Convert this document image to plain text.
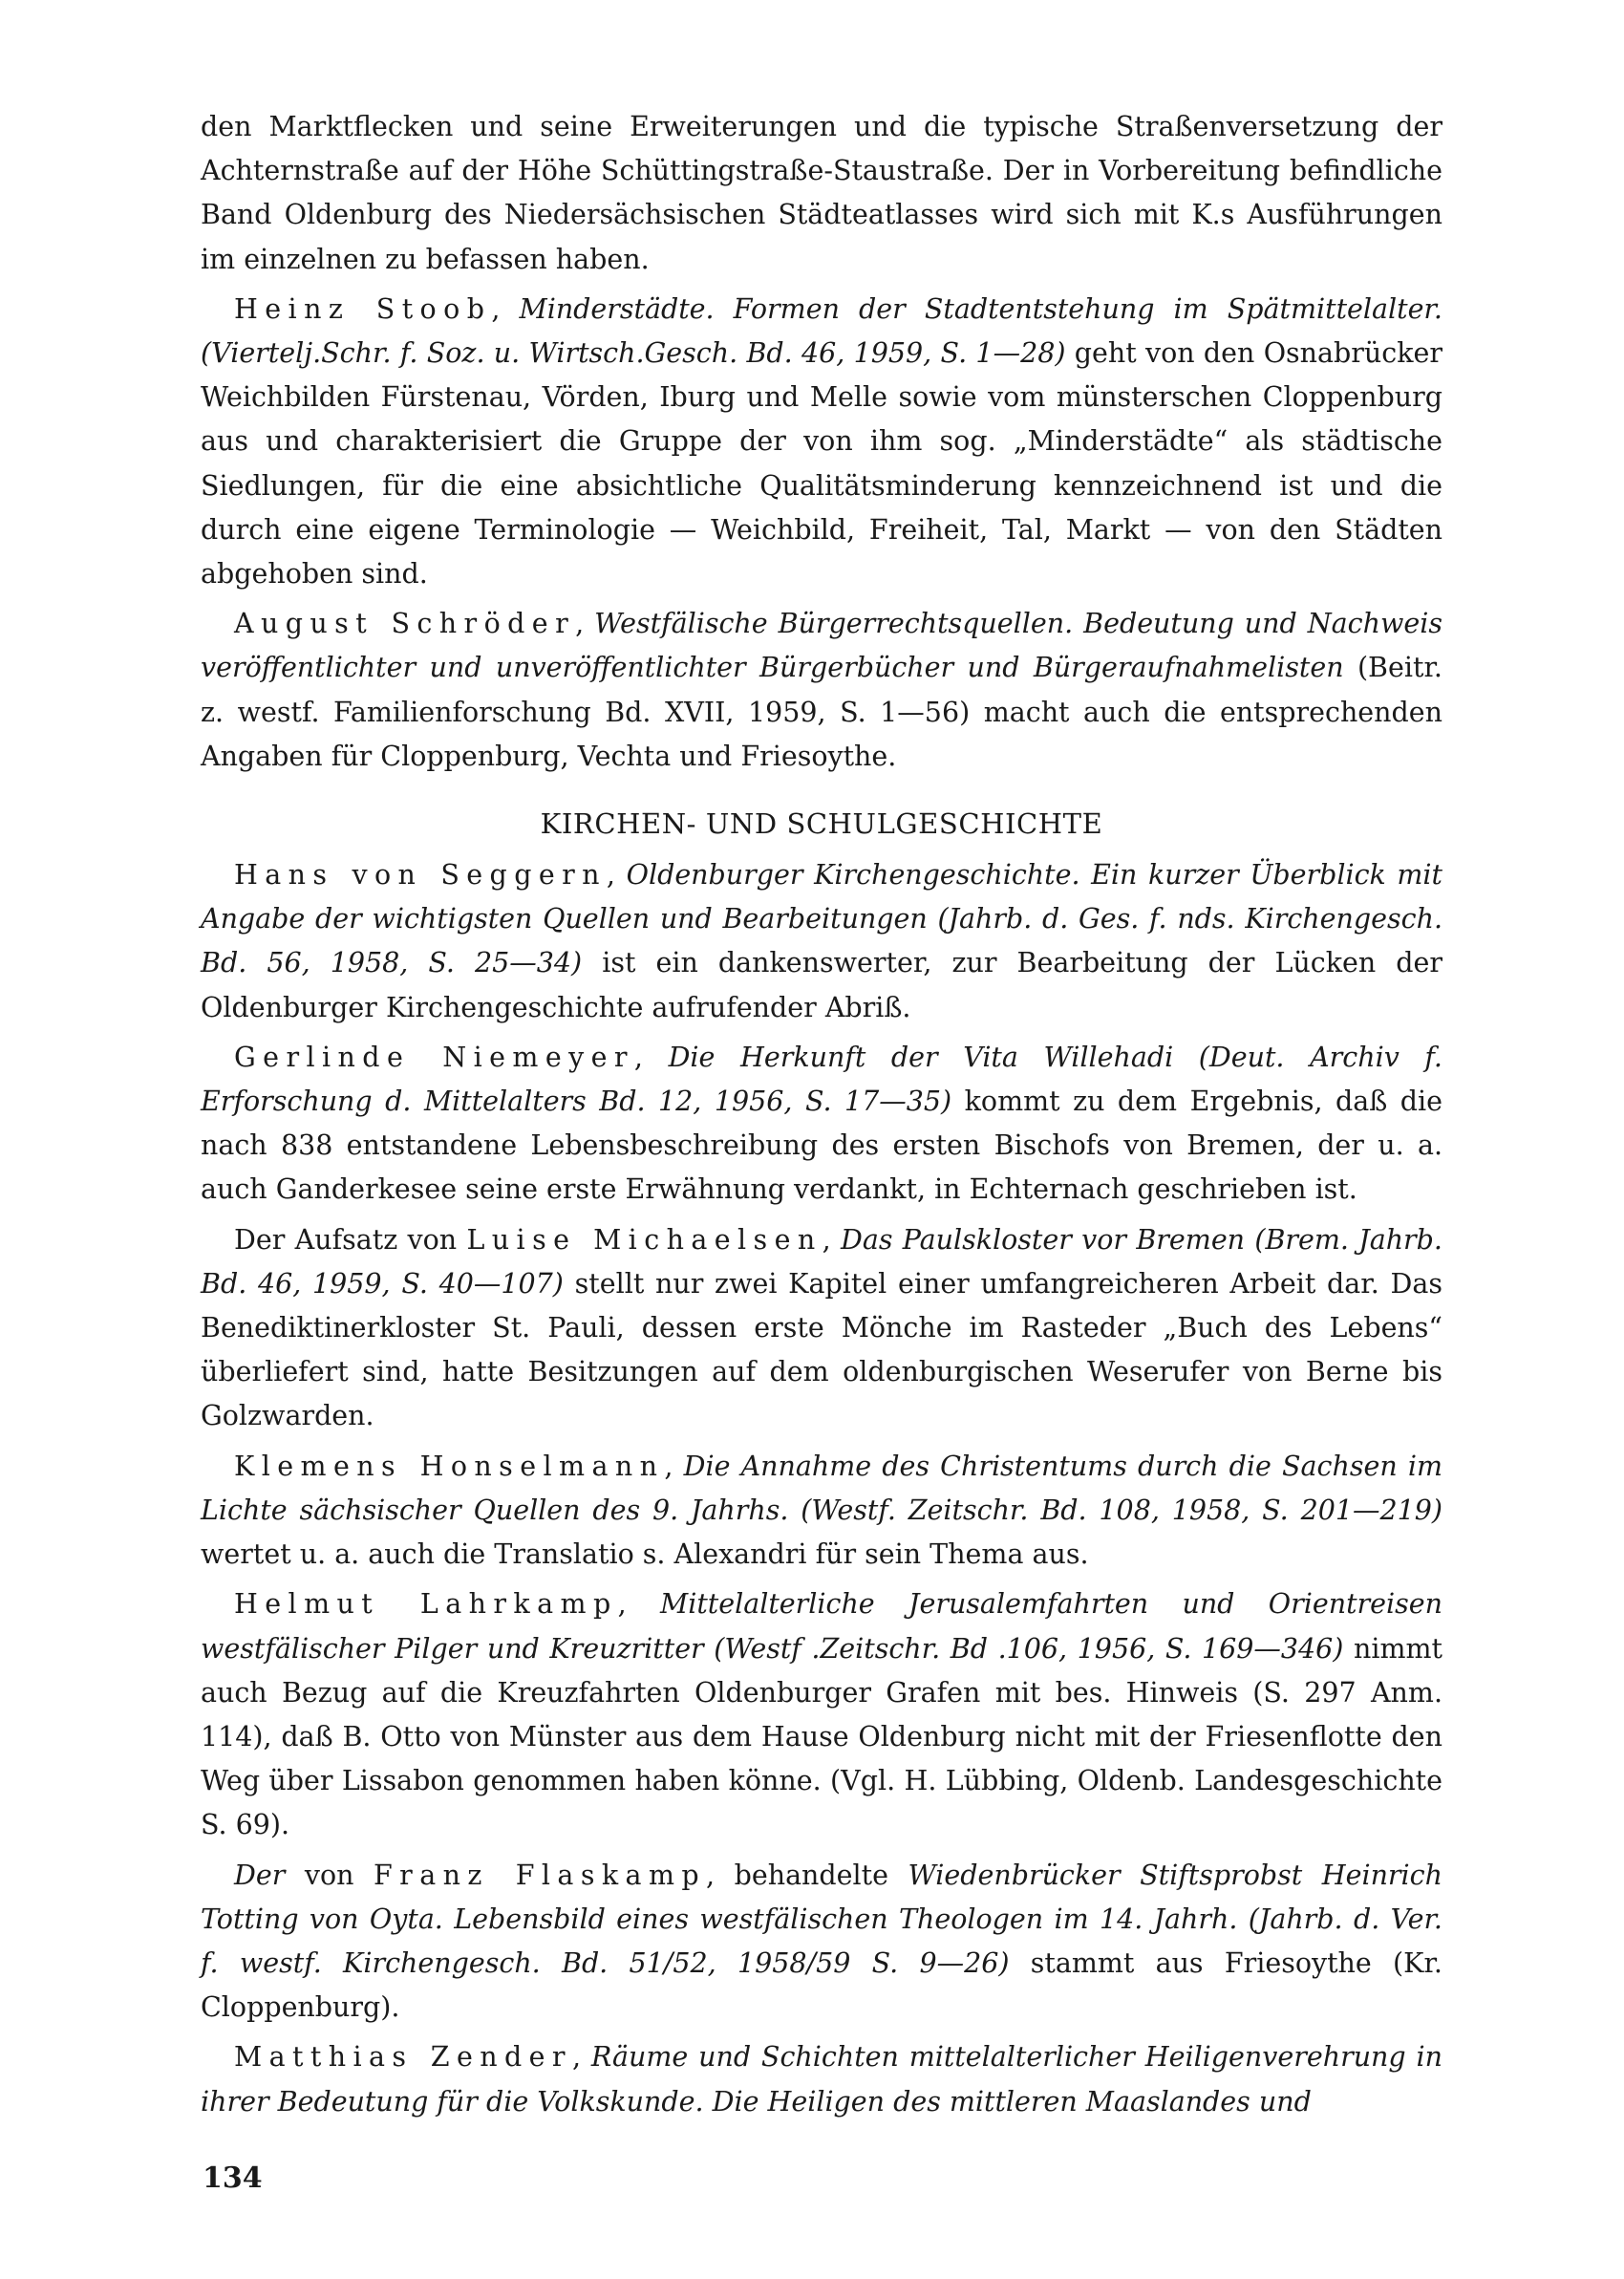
den Marktflecken und seine Erweiterungen und die typische Straßenversetzung der Achternstraße auf der Höhe Schüttingstraße-Staustraße. Der in Vorbereitung befindliche Band Oldenburg des Niedersächsischen Städteatlasses wird sich mit K.s Ausführungen im einzelnen zu befassen haben.

Heinz Stoob, Minderstädte. Formen der Stadtentstehung im Spätmittelalter. (Viertelj.Schr. f. Soz. u. Wirtsch.Gesch. Bd. 46, 1959, S. 1—28) geht von den Osnabrücker Weichbilden Fürstenau, Vörden, Iburg und Melle sowie vom münsterschen Cloppenburg aus und charakterisiert die Gruppe der von ihm sog. „Minderstädte“ als städtische Siedlungen, für die eine absichtliche Qualitätsminderung kennzeichnend ist und die durch eine eigene Terminologie — Weichbild, Freiheit, Tal, Markt — von den Städten abgehoben sind.

August Schröder, Westfälische Bürgerrechtsquellen. Bedeutung und Nachweis veröffentlichter und unveröffentlichter Bürgerbücher und Bürgeraufnahmelisten (Beitr. z. westf. Familienforschung Bd. XVII, 1959, S. 1—56) macht auch die entsprechenden Angaben für Cloppenburg, Vechta und Friesoythe.

KIRCHEN- UND SCHULGESCHICHTE

Hans von Seggern, Oldenburger Kirchengeschichte. Ein kurzer Überblick mit Angabe der wichtigsten Quellen und Bearbeitungen (Jahrb. d. Ges. f. nds. Kirchengesch. Bd. 56, 1958, S. 25—34) ist ein dankenswerter, zur Bearbeitung der Lücken der Oldenburger Kirchengeschichte aufrufender Abriß.

Gerlinde Niemeyer, Die Herkunft der Vita Willehadi (Deut. Archiv f. Erforschung d. Mittelalters Bd. 12, 1956, S. 17—35) kommt zu dem Ergebnis, daß die nach 838 entstandene Lebensbeschreibung des ersten Bischofs von Bremen, der u. a. auch Ganderkesee seine erste Erwähnung verdankt, in Echternach geschrieben ist.

Der Aufsatz von Luise Michaelsen, Das Paulskloster vor Bremen (Brem. Jahrb. Bd. 46, 1959, S. 40—107) stellt nur zwei Kapitel einer umfangreicheren Arbeit dar. Das Benediktinerkloster St. Pauli, dessen erste Mönche im Rasteder „Buch des Lebens“ überliefert sind, hatte Besitzungen auf dem oldenburgischen Weserufer von Berne bis Golzwarden.

Klemens Honselmann, Die Annahme des Christentums durch die Sachsen im Lichte sächsischer Quellen des 9. Jahrhs. (Westf. Zeitschr. Bd. 108, 1958, S. 201—219) wertet u. a. auch die Translatio s. Alexandri für sein Thema aus.

Helmut Lahrkamp, Mittelalterliche Jerusalemfahrten und Orientreisen westfälischer Pilger und Kreuzritter (Westf .Zeitschr. Bd .106, 1956, S. 169—346) nimmt auch Bezug auf die Kreuzfahrten Oldenburger Grafen mit bes. Hinweis (S. 297 Anm. 114), daß B. Otto von Münster aus dem Hause Oldenburg nicht mit der Friesenflotte den Weg über Lissabon genommen haben könne. (Vgl. H. Lübbing, Oldenb. Landesgeschichte S. 69).

Der von Franz Flaskamp, behandelte Wiedenbrücker Stiftsprobst Heinrich Totting von Oyta. Lebensbild eines westfälischen Theologen im 14. Jahrh. (Jahrb. d. Ver. f. westf. Kirchengesch. Bd. 51/52, 1958/59 S. 9—26) stammt aus Friesoythe (Kr. Cloppenburg).

Matthias Zender, Räume und Schichten mittelalterlicher Heiligenverehrung in ihrer Bedeutung für die Volkskunde. Die Heiligen des mittleren Maaslandes und

134
